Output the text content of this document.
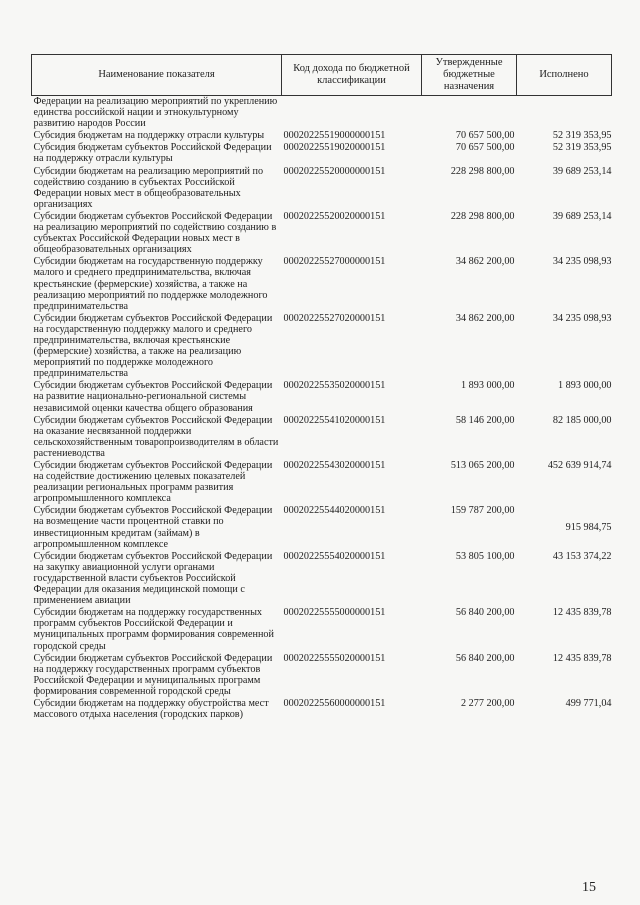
Наименование показателя	Код дохода по бюджетной классификации	Утвержденные бюджетные назначения	Исполнено
Федерации на реализацию мероприятий по укреплению единства российской нации и этнокультурному развитию народов России			
Субсидия бюджетам на поддержку отрасли культуры	00020225519000000151	70 657 500,00	52 319 353,95
Субсидия бюджетам субъектов Российской Федерации на поддержку отрасли культуры	00020225519020000151	70 657 500,00	52 319 353,95
Субсидии бюджетам на реализацию мероприятий по содействию созданию в субъектах Российской Федерации новых мест в общеобразовательных организациях	00020225520000000151	228 298 800,00	39 689 253,14
Субсидии бюджетам субъектов Российской Федерации на реализацию мероприятий по содействию созданию в субъектах Российской Федерации новых мест в общеобразовательных организациях	00020225520020000151	228 298 800,00	39 689 253,14
Субсидии бюджетам на государственную поддержку малого и среднего предпринимательства, включая крестьянские (фермерские) хозяйства, а также на реализацию мероприятий по поддержке молодежного предпринимательства	00020225527000000151	34 862 200,00	34 235 098,93
Субсидии бюджетам субъектов Российской Федерации на государственную поддержку малого и среднего предпринимательства, включая крестьянские (фермерские) хозяйства, а также на реализацию мероприятий по поддержке молодежного предпринимательства	00020225527020000151	34 862 200,00	34 235 098,93
Субсидии бюджетам субъектов Российской Федерации на развитие национально-региональной системы независимой оценки качества общего образования	00020225535020000151	1 893 000,00	1 893 000,00
Субсидии бюджетам субъектов Российской Федерации на оказание несвязанной поддержки сельскохозяйственным товаропроизводителям в области растениеводства	00020225541020000151	58 146 200,00	82 185 000,00
Субсидии бюджетам субъектов Российской Федерации на содействие достижению целевых показателей реализации региональных программ развития агропромышленного комплекса	00020225543020000151	513 065 200,00	452 639 914,74
Субсидии бюджетам субъектов Российской Федерации на возмещение части процентной ставки по инвестиционным кредитам (займам) в агропромышленном комплексе	00020225544020000151	159 787 200,00	915 984,75
Субсидии бюджетам субъектов Российской Федерации на закупку авиационной услуги органами государственной власти субъектов Российской Федерации для оказания медицинской помощи с применением авиации	00020225554020000151	53 805 100,00	43 153 374,22
Субсидии бюджетам на поддержку государственных программ субъектов Российской Федерации и муниципальных программ формирования современной городской среды	00020225555000000151	56 840 200,00	12 435 839,78
Субсидии бюджетам субъектов Российской Федерации на поддержку государственных программ субъектов Российской Федерации и муниципальных программ формирования современной городской среды	00020225555020000151	56 840 200,00	12 435 839,78
Субсидии бюджетам на поддержку обустройства мест массового отдыха населения (городских парков)	00020225560000000151	2 277 200,00	499 771,04
15
